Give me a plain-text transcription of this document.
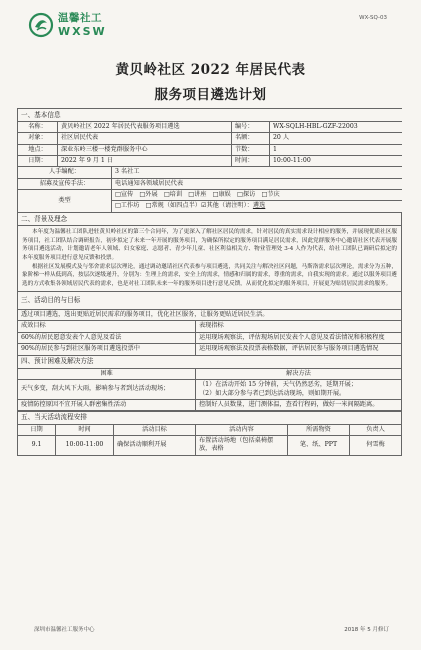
温馨社工
WXSW
WX-SQ-03
黄贝岭社区 2022 年居民代表
服务项目遴选计划
一、基本信息				
名称：	黄贝岭社区 2022 年居民代表服务项目遴选		编号：	WX-SQLH-HBL-GZF-22003
对象：	社区居民代表		名额：	20 人
地点：	深业东岭三楼一楼党群服务中心		节数：	1
日期：	2022 年 9 月 1 日		时间：	10:00-11:00
人手编配：		3 名社工		
招募及宣传手法：		电话通知各领域居民代表		
类型		□宣传　□外展　□培训　□讲座　□康娱　□探访　□节庆		
		□工作坊　□常规（如四点半）☑其他（请注明）：遴选		
二、背景及理念

本年度为温馨社工团队进驻黄贝岭社区的第三个合同年，为了更深入了解社区居民的需求，针对居民的真实需求设计相应的服务，并展现优质社区服务项目，社工团队结合调研报告，初步拟定了未来一年开展的服务项目，为确保所拟定的服务项目满足居民需求，因此党群服务中心邀请社区代表开展服务项目遴选活动，计划邀请老年人领域、妇女家庭、志愿者、青少年儿童、社区利益相关方、物业管理处 3-4 人作为代表，给社工团队已调研后拟定的本年度服务项目进行意见反馈和投票。
根据社区发展模式及与邻舍需求层次理论，通过调动邀请社区代表参与项目遴选，共同关注与解决社区问题，马斯洛需求层次理论，需求分为五种，象阶梯一样从低到高，按层次逐级递升，分别为：生理上的需求，安全上的需求，情感和归属的需求，尊重的需求，自我实现的需求。通过以服务项目遴选的方式收集各领域居民代表的需求，也是对社工团队未来一年的服务项目进行意见反馈，从而优化拟定的服务项目，开展更为贴切居民需求的服务。
三、活动目的与目标	
透过项目遴选，选出更贴近居民需求的服务项目，优化社区服务，让服务更贴近居民生活。	
成效目标	表现指标
60%的居民愿意发表个人意见及看法	运用现场观察法，评估现场居民发表个人意见及看法情况和积极程度
90%的居民参与到社区服务项目遴选投票中	运用现场观察法及投票表格数据，评估居民参与服务项目遴选情况
四、预计困难及解决方法	
困难	解决方法
天气多变，刮大风下大雨，影响参与者到达活动现场；	（1）在活动开始 15 分钟前，天气仍然恶劣，延期开展；
（2）如大部分参与者已到达活动现场，则如期开展。

疫情防控原因不宜开展人群密集性活动	控制好人员数量，进门测体温，查看行程码，做好一米间隔距离。
五、当天活动流程安排					
日期	时间	活动目标	活动内容	所需物资	负责人
9.1	10:00-11:00	确保活动顺利开展	布置活动场地（包括桌椅摆放，表格	笔、纸、PPT	何雪梅
深圳市温馨社工服务中心	2018 年 5 月修订
